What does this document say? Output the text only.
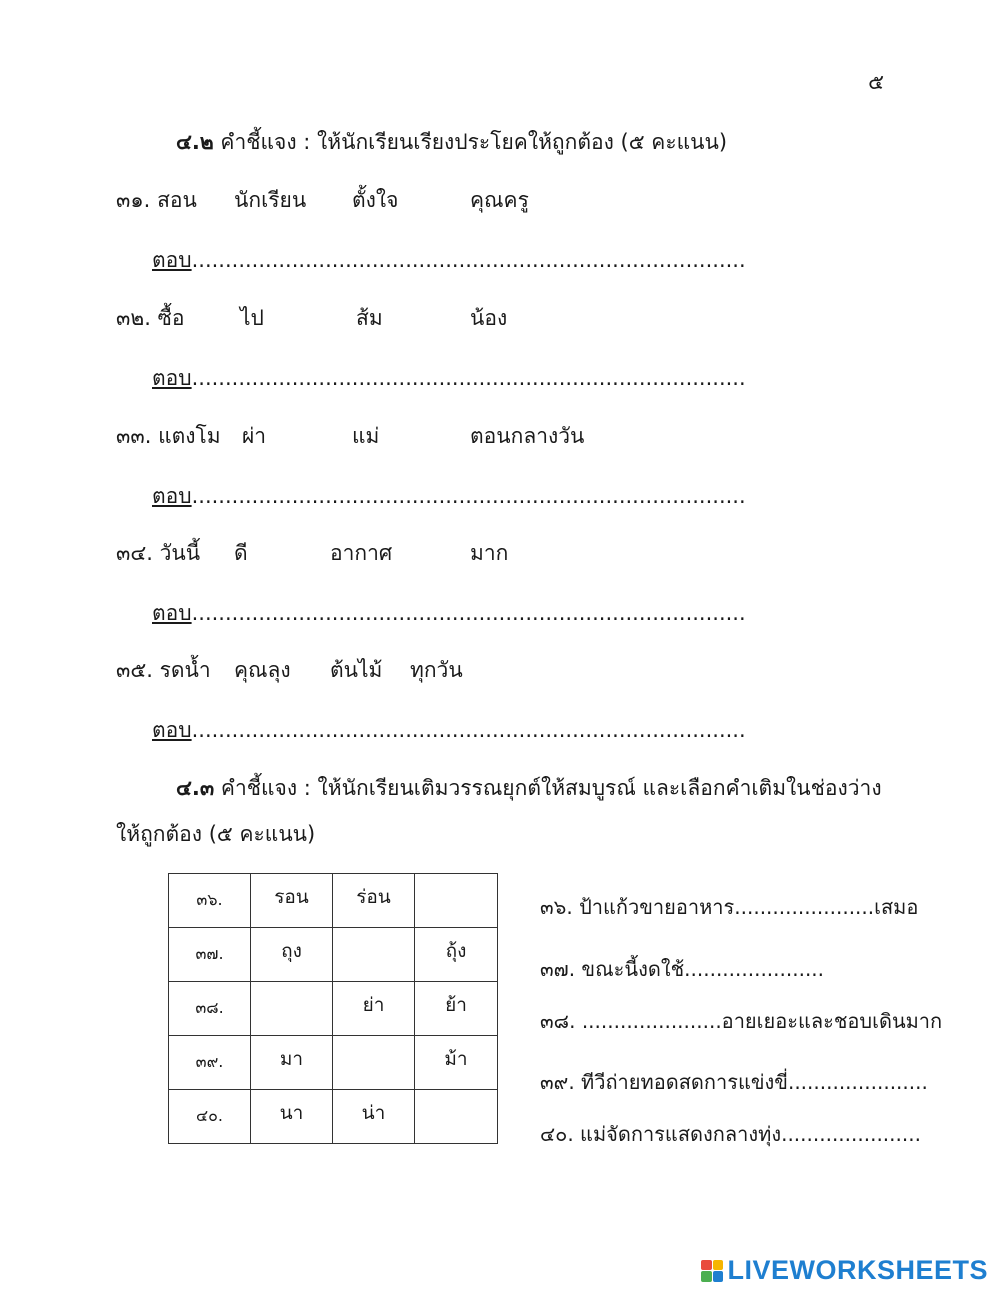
๕
๔.๒ คำชี้แจง : ให้นักเรียนเรียงประโยคให้ถูกต้อง (๕ คะแนน)
๓๑. สอน นักเรียน ตั้งใจ	คุณครู
ตอบ...................................................................................
๓๒. ซื้อ	ไป	ส้ม	น้อง
ตอบ...................................................................................
๓๓. แตงโม ผ่า	แม่	ตอนกลางวัน
ตอบ...................................................................................
๓๔. วันนี้ ดี	อากาศ	มาก
ตอบ...................................................................................
๓๕. รดน้ำ คุณลุง ต้นไม้ ทุกวัน
ตอบ...................................................................................
๔.๓ คำชี้แจง : ให้นักเรียนเติมวรรณยุกต์ให้สมบูรณ์ และเลือกคำเติมในช่องว่าง
ให้ถูกต้อง (๕ คะแนน)
๓๖.	รอน	ร่อน	
๓๗.	ถุง		ถุ้ง
๓๘.		ย่า	ย้า
๓๙.	มา		ม้า
๔๐.	นา	น่า	
๓๖. ป้าแก้วขายอาหาร......................เสมอ
๓๗. ขณะนี้งดใช้......................
๓๘. ......................อายเยอะและชอบเดินมาก
๓๙. ทีวีถ่ายทอดสดการแข่งขี่......................
๔๐. แม่จัดการแสดงกลางทุ่ง......................
LIVEWORKSHEETS
